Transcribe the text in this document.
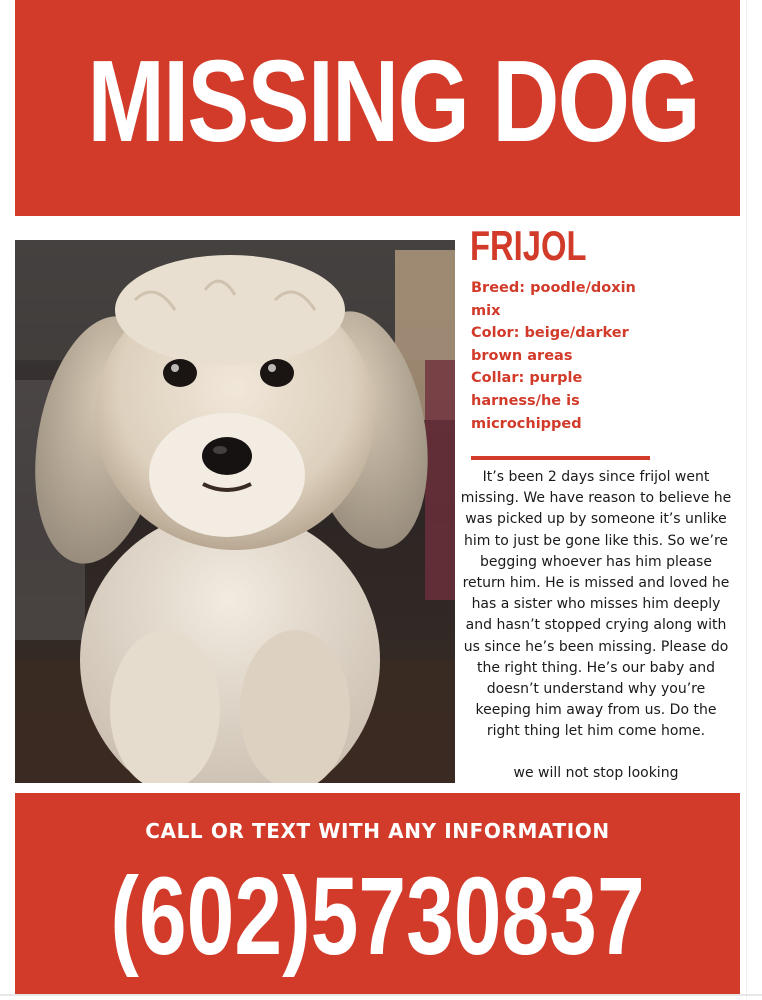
MISSING DOG
FRIJOL
Breed: poodle/doxin
mix
Color: beige/darker
brown areas
Collar: purple
harness/he is
microchipped
It’s been 2 days since frijol went
missing. We have reason to believe he
was picked up by someone it’s unlike
him to just be gone like this. So we’re
begging whoever has him please
return him. He is missed and loved he
has a sister who misses him deeply
and hasn’t stopped crying along with
us since he’s been missing. Please do
the right thing. He’s our baby and
doesn’t understand why you’re
keeping him away from us. Do the
right thing let him come home.
we will not stop looking
CALL OR TEXT WITH ANY INFORMATION
(602)5730837
